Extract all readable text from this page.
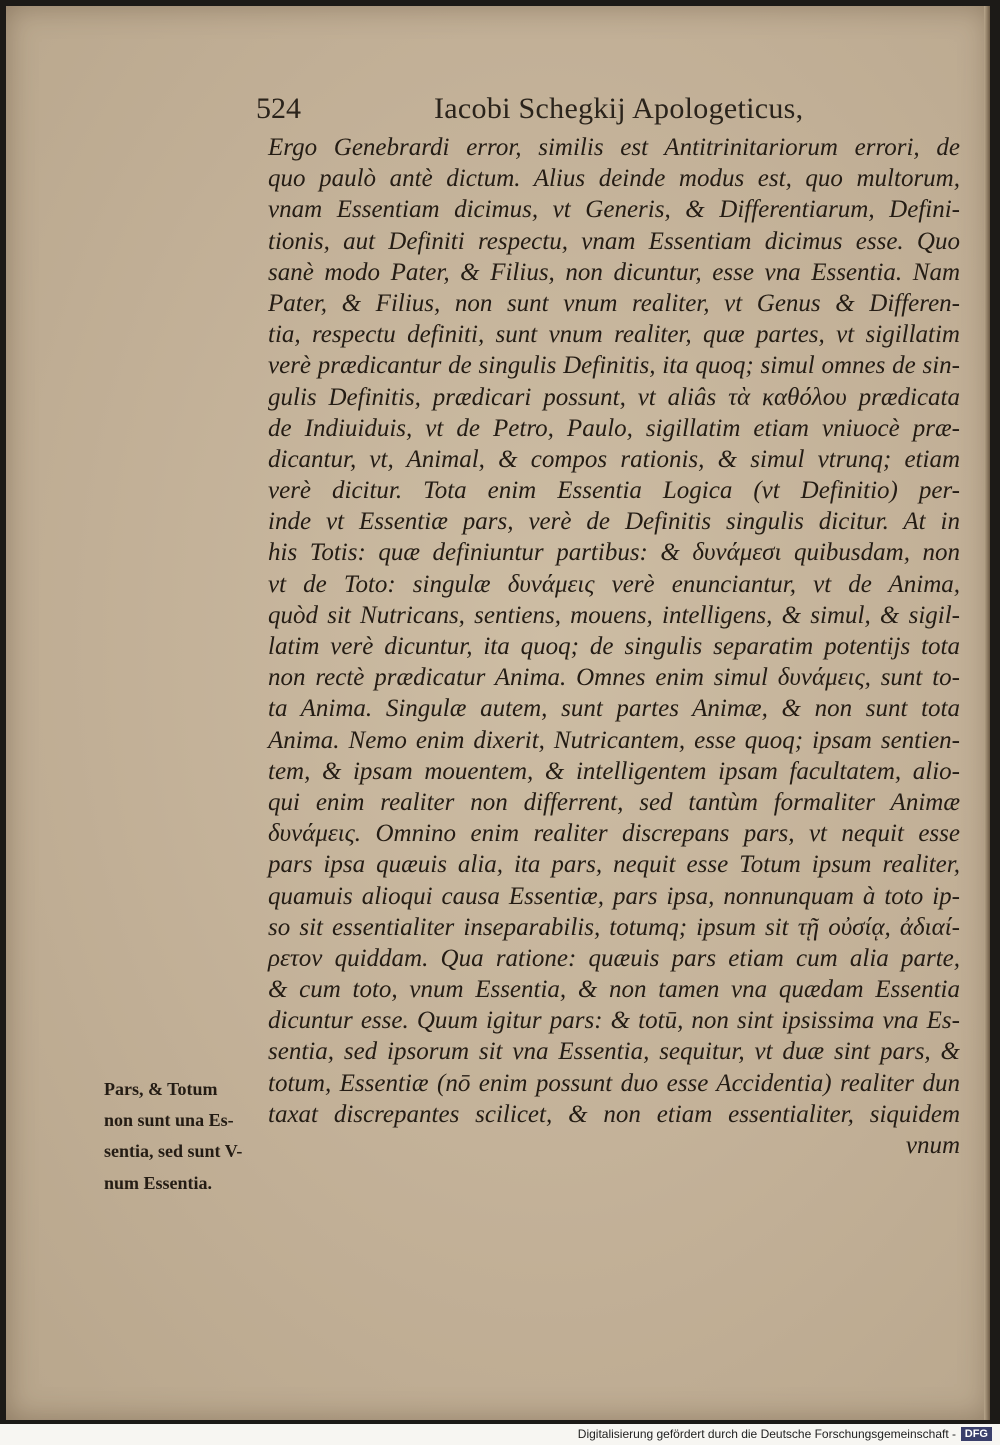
524	Iacobi Schegkij Apologeticus,
Ergo Genebrardi error, similis est Antitrinitariorum errori, de
quo paulò antè dictum. Alius deinde modus est, quo multorum,
vnam Essentiam dicimus, vt Generis, & Differentiarum, Defini-
tionis, aut Definiti respectu, vnam Essentiam dicimus esse. Quo
sanè modo Pater, & Filius, non dicuntur, esse vna Essentia. Nam
Pater, & Filius, non sunt vnum realiter, vt Genus & Differen-
tia, respectu definiti, sunt vnum realiter, quæ partes, vt sigillatim
verè prædicantur de singulis Definitis, ita quoq; simul omnes de sin-
gulis Definitis, prædicari possunt, vt aliâs τὰ καθόλου prædicata
de Indiuiduis, vt de Petro, Paulo, sigillatim etiam vniuocè præ-
dicantur, vt, Animal, & compos rationis, & simul vtrunq; etiam
verè dicitur. Tota enim Essentia Logica (vt Definitio) per-
inde vt Essentiæ pars, verè de Definitis singulis dicitur. At in
his Totis: quæ definiuntur partibus: & δυνάμεσι quibusdam, non
vt de Toto: singulæ δυνάμεις verè enunciantur, vt de Anima,
quòd sit Nutricans, sentiens, mouens, intelligens, & simul, & sigil-
latim verè dicuntur, ita quoq; de singulis separatim potentijs tota
non rectè prædicatur Anima. Omnes enim simul δυνάμεις, sunt to-
ta Anima. Singulæ autem, sunt partes Animæ, & non sunt tota
Anima. Nemo enim dixerit, Nutricantem, esse quoq; ipsam sentien-
tem, & ipsam mouentem, & intelligentem ipsam facultatem, alio-
qui enim realiter non differrent, sed tantùm formaliter Animæ
δυνάμεις. Omnino enim realiter discrepans pars, vt nequit esse
pars ipsa quæuis alia, ita pars, nequit esse Totum ipsum realiter,
quamuis alioqui causa Essentiæ, pars ipsa, nonnunquam à toto ip-
so sit essentialiter inseparabilis, totumq; ipsum sit τῇ οὐσίᾳ, ἀδιαί-
ρετον quiddam. Qua ratione: quæuis pars etiam cum alia parte,
& cum toto, vnum Essentia, & non tamen vna quædam Essentia
dicuntur esse. Quum igitur pars: & totū, non sint ipsissima vna Es-
sentia, sed ipsorum sit vna Essentia, sequitur, vt duæ sint pars, &
totum, Essentiæ (nō enim possunt duo esse Accidentia) realiter dun
taxat discrepantes scilicet, & non etiam essentialiter, siquidem
vnum
Pars, & Totum
non sunt una Es-
sentia, sed sunt V-
num Essentia.
Digitalisierung gefördert durch die Deutsche Forschungsgemeinschaft - DFG
